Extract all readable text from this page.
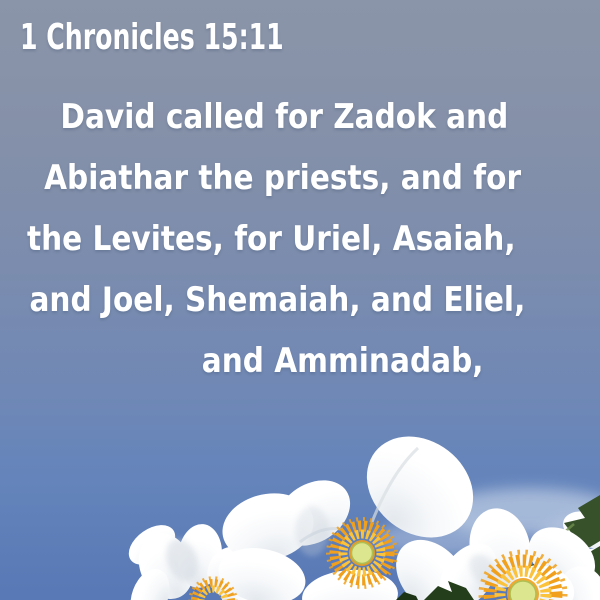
1 Chronicles 15:11
David called for Zadok and
Abiathar the priests, and for
the Levites, for Uriel, Asaiah,
and Joel, Shemaiah, and Eliel,
and Amminadab,
